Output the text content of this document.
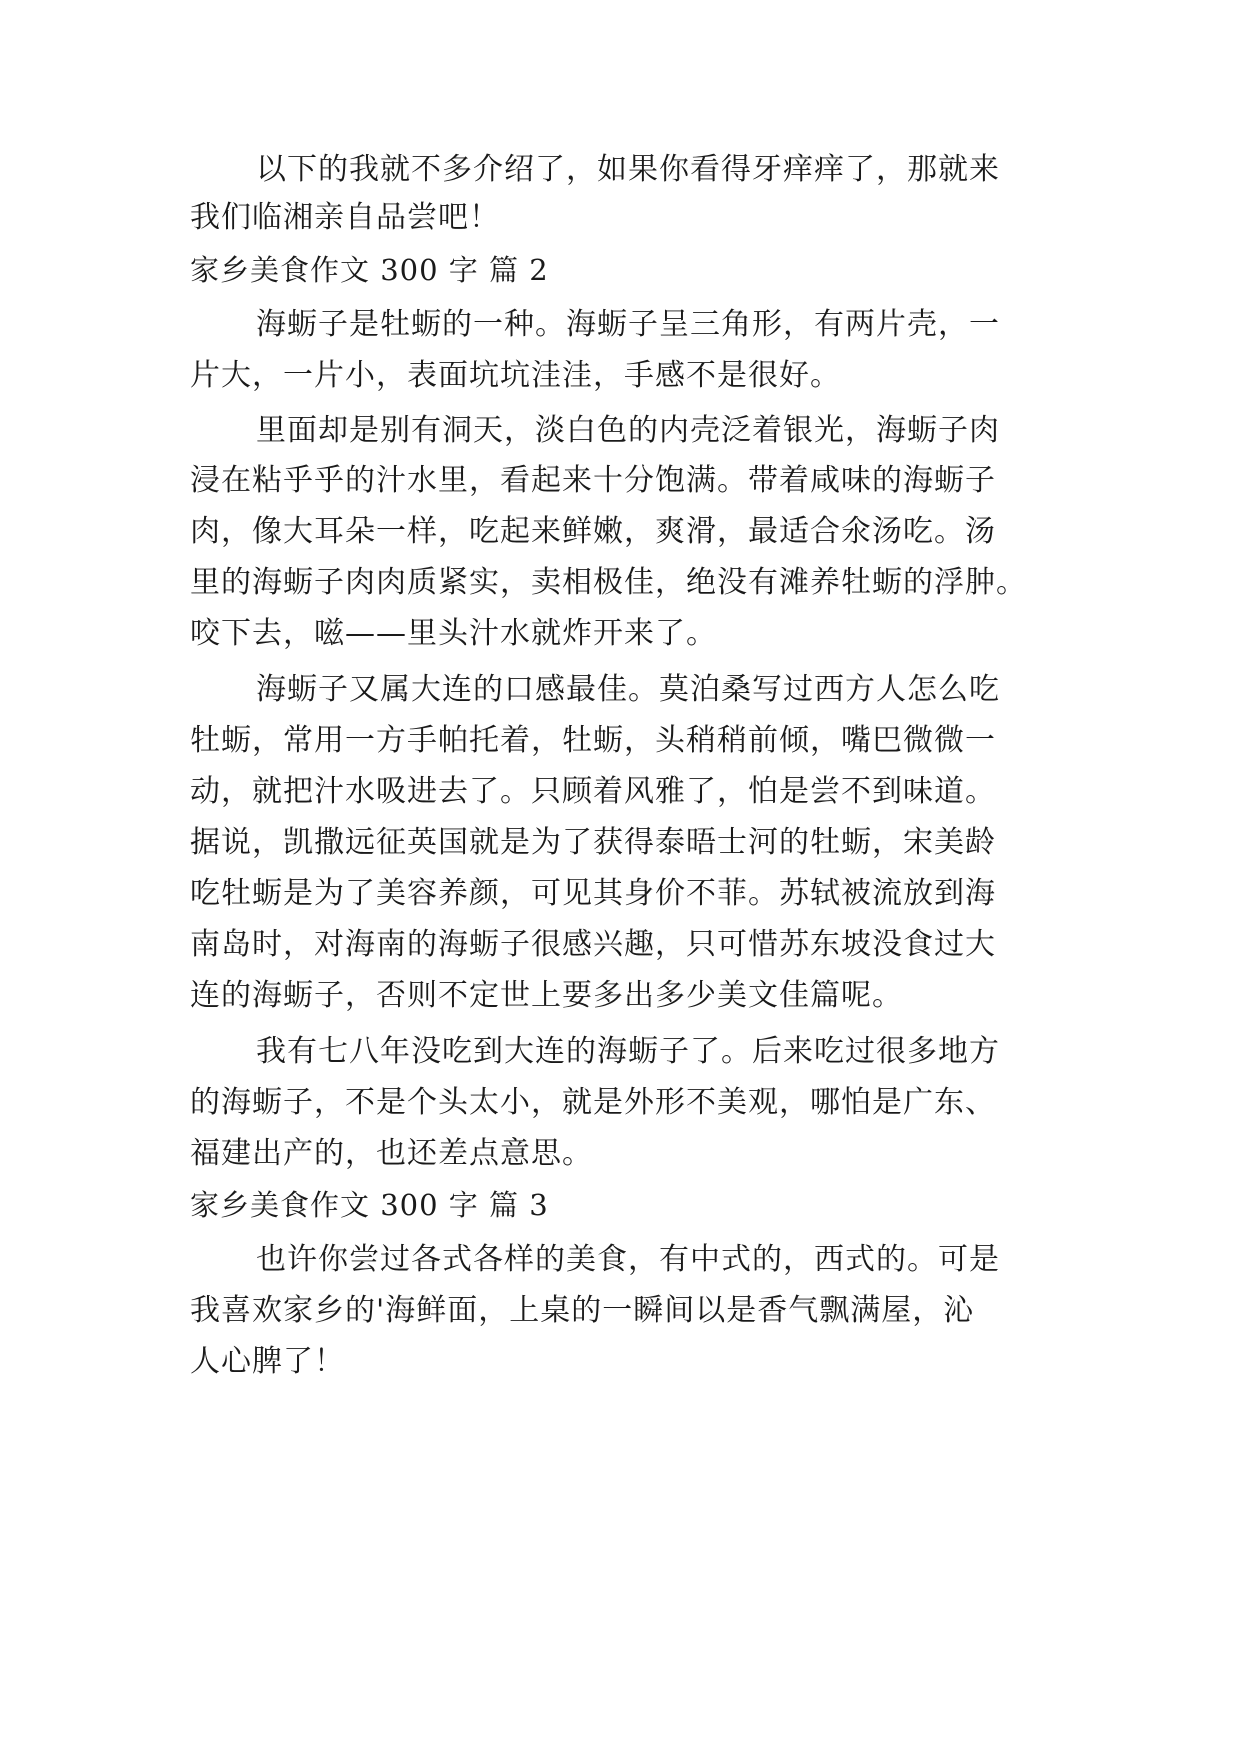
以下的我就不多介绍了，如果你看得牙痒痒了，那就来
我们临湘亲自品尝吧！
家乡美食作文 300 字 篇 2
海蛎子是牡蛎的一种。海蛎子呈三角形，有两片壳，一
片大，一片小，表面坑坑洼洼，手感不是很好。
里面却是别有洞天，淡白色的内壳泛着银光，海蛎子肉
浸在粘乎乎的汁水里，看起来十分饱满。带着咸味的海蛎子
肉，像大耳朵一样，吃起来鲜嫩，爽滑，最适合氽汤吃。汤
里的海蛎子肉肉质紧实，卖相极佳，绝没有滩养牡蛎的浮肿。
咬下去，嗞——里头汁水就炸开来了。
海蛎子又属大连的口感最佳。莫泊桑写过西方人怎么吃
牡蛎，常用一方手帕托着，牡蛎，头稍稍前倾，嘴巴微微一
动，就把汁水吸进去了。只顾着风雅了，怕是尝不到味道。
据说，凯撒远征英国就是为了获得泰晤士河的牡蛎，宋美龄
吃牡蛎是为了美容养颜，可见其身价不菲。苏轼被流放到海
南岛时，对海南的海蛎子很感兴趣，只可惜苏东坡没食过大
连的海蛎子，否则不定世上要多出多少美文佳篇呢。
我有七八年没吃到大连的海蛎子了。后来吃过很多地方
的海蛎子，不是个头太小，就是外形不美观，哪怕是广东、
福建出产的，也还差点意思。
家乡美食作文 300 字 篇 3
也许你尝过各式各样的美食，有中式的，西式的。可是
我喜欢家乡的'海鲜面，上桌的一瞬间以是香气飘满屋，沁
人心脾了！
